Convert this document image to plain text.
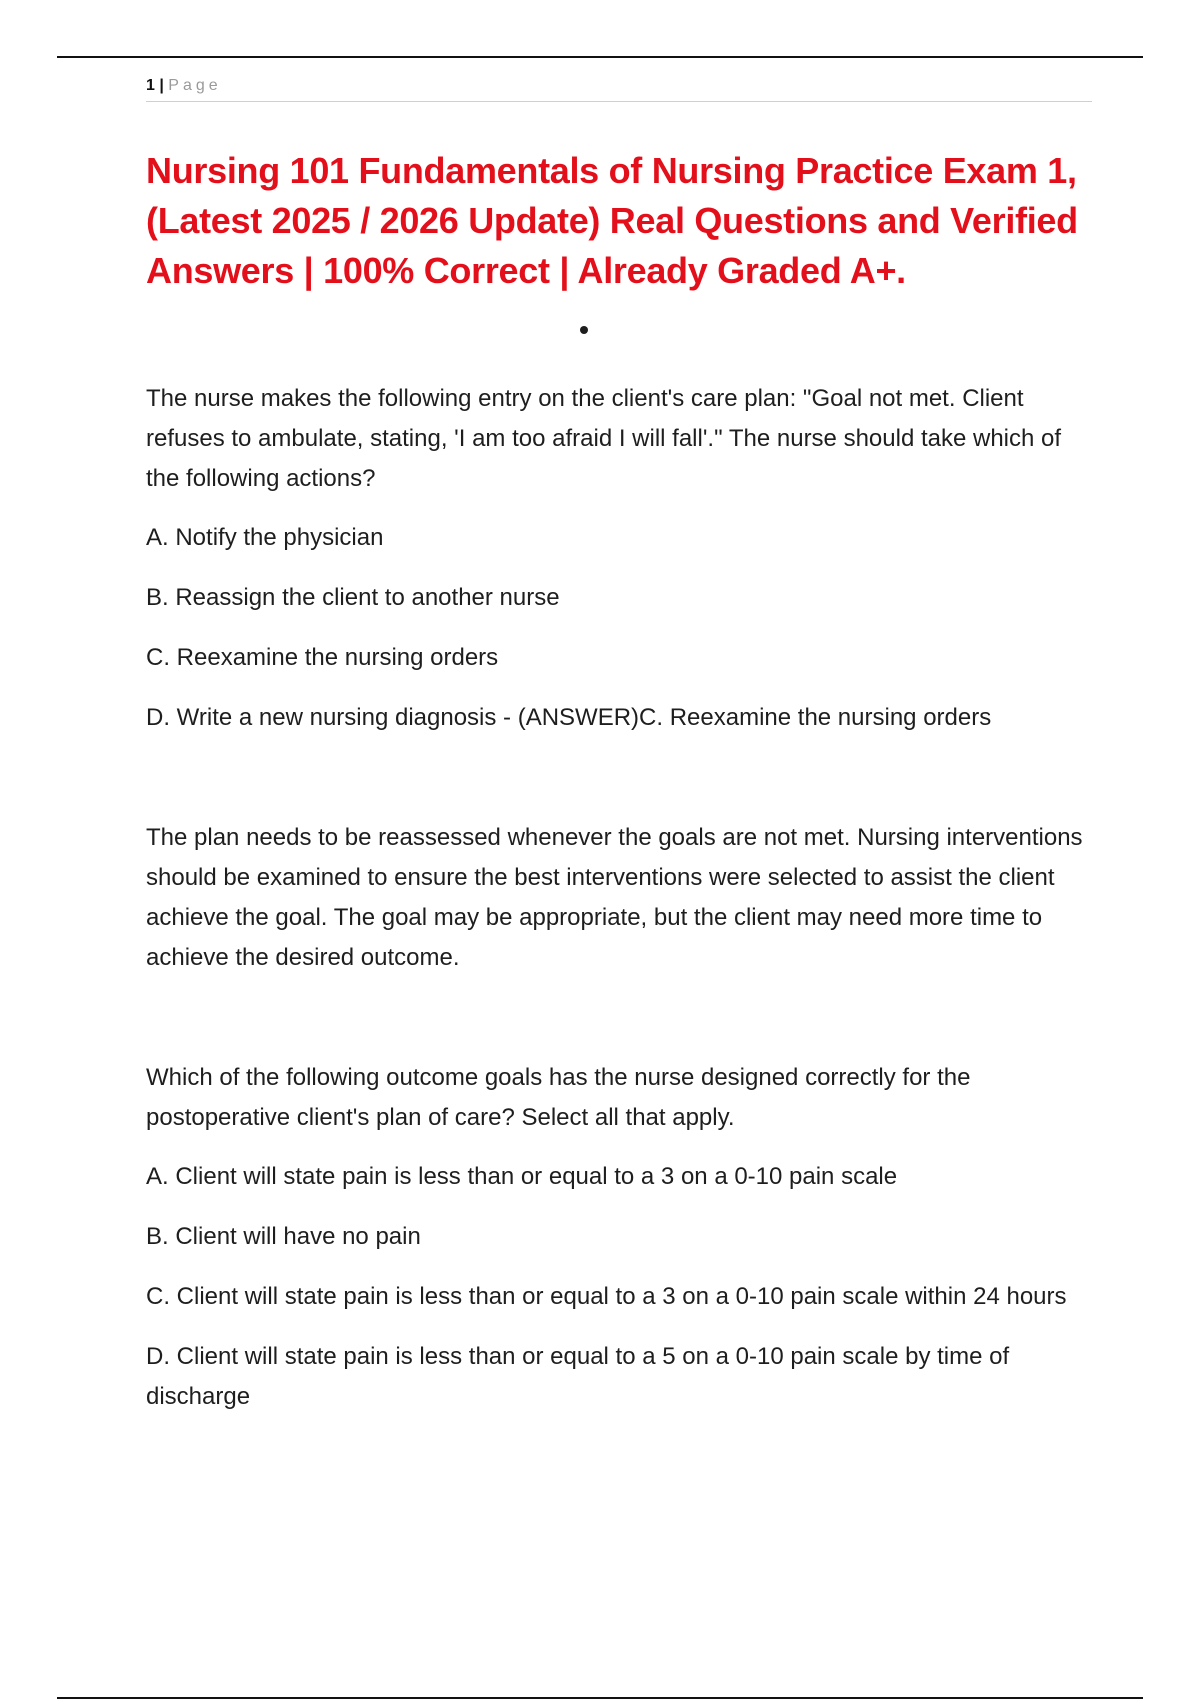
1 | Page
Nursing 101 Fundamentals of Nursing Practice Exam 1, (Latest 2025 / 2026 Update) Real Questions and Verified Answers | 100% Correct | Already Graded A+.

The nurse makes the following entry on the client's care plan: "Goal not met. Client refuses to ambulate, stating, 'I am too afraid I will fall'." The nurse should take which of the following actions?

A. Notify the physician

B. Reassign the client to another nurse

C. Reexamine the nursing orders

D. Write a new nursing diagnosis - (ANSWER)C. Reexamine the nursing orders

The plan needs to be reassessed whenever the goals are not met. Nursing interventions should be examined to ensure the best interventions were selected to assist the client achieve the goal. The goal may be appropriate, but the client may need more time to achieve the desired outcome.

Which of the following outcome goals has the nurse designed correctly for the postoperative client's plan of care? Select all that apply.

A. Client will state pain is less than or equal to a 3 on a 0-10 pain scale

B. Client will have no pain

C. Client will state pain is less than or equal to a 3 on a 0-10 pain scale within 24 hours

D. Client will state pain is less than or equal to a 5 on a 0-10 pain scale by time of discharge
